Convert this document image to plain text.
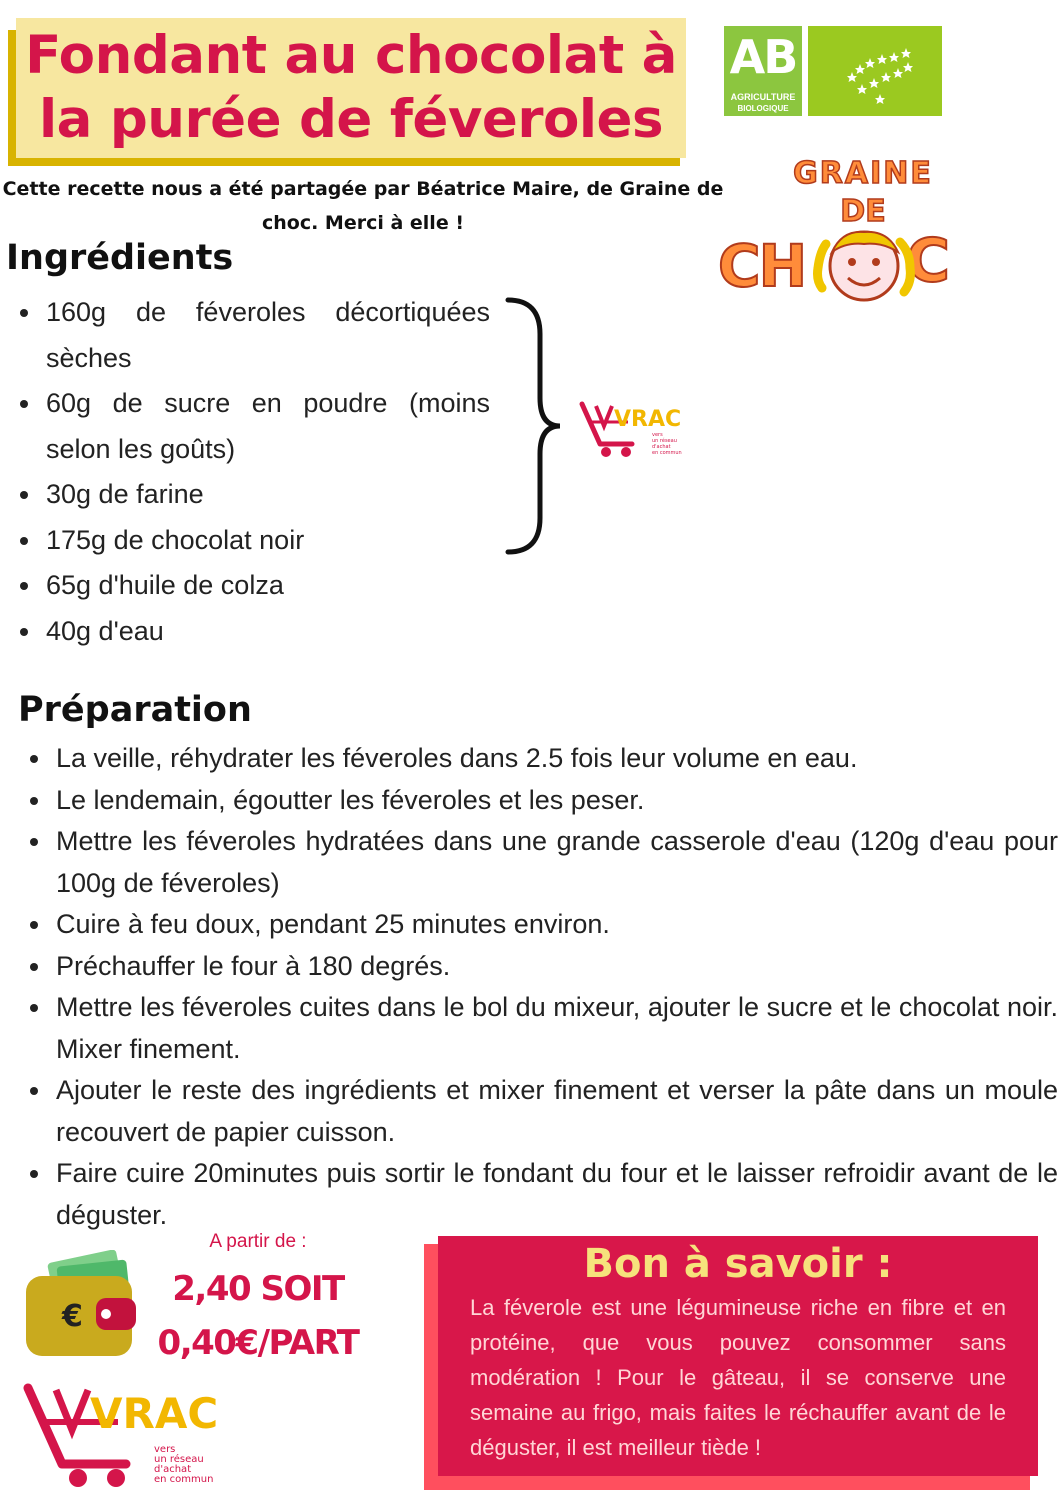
Fondant au chocolat à la purée de féveroles
Cette recette nous a été partagée par Béatrice Maire, de Graine de choc. Merci à elle !
AB
AGRICULTURE
BIOLOGIQUE
GRAINE
DE
CH C
Ingrédients
160g de féveroles décortiquées sèches
60g de sucre en poudre (moins selon les goûts)
30g de farine
175g de chocolat noir
65g d'huile de colza
40g d'eau
VRAC
vers
un réseau
d'achat
en commun
Préparation
La veille, réhydrater les féveroles dans 2.5 fois leur volume en eau.
Le lendemain, égoutter les féveroles et les peser.
Mettre les féveroles hydratées dans une grande casserole d'eau (120g d'eau pour 100g de féveroles)
Cuire à feu doux, pendant 25 minutes environ.
Préchauffer le four à 180 degrés.
Mettre les féveroles cuites dans le bol du mixeur, ajouter le sucre et le chocolat noir. Mixer finement.
Ajouter le reste des ingrédients et mixer finement et verser la pâte dans un moule recouvert de papier cuisson.
Faire cuire 20minutes puis sortir le fondant du four et le laisser refroidir avant de le déguster.
€
A partir de :
2,40 SOIT
0,40€/PART
VRAC
vers
un réseau
d'achat
en commun
Bon à savoir :
La féverole est une légumineuse riche en fibre et en protéine, que vous pouvez consommer sans modération ! Pour le gâteau, il se conserve une semaine au frigo, mais faites le réchauffer avant de le déguster, il est meilleur tiède !
